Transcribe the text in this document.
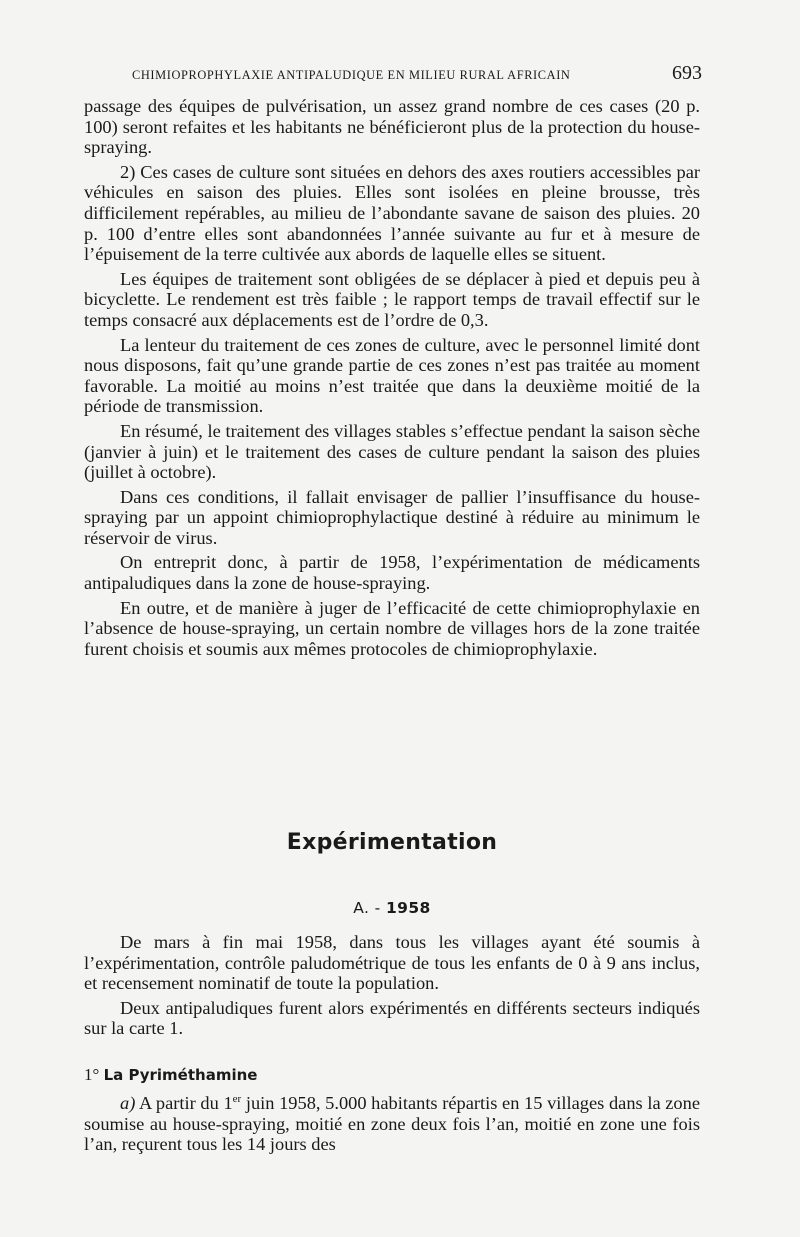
CHIMIOPROPHYLAXIE ANTIPALUDIQUE EN MILIEU RURAL AFRICAIN	693

passage des équipes de pulvérisation, un assez grand nombre de ces cases (20 p. 100) seront refaites et les habitants ne bénéficieront plus de la protection du house-spraying.

2) Ces cases de culture sont situées en dehors des axes routiers accessibles par véhicules en saison des pluies. Elles sont isolées en pleine brousse, très difficilement repérables, au milieu de l’abondante savane de saison des pluies. 20 p. 100 d’entre elles sont abandonnées l’année suivante au fur et à mesure de l’épuisement de la terre cultivée aux abords de laquelle elles se situent.

Les équipes de traitement sont obligées de se déplacer à pied et depuis peu à bicyclette. Le rendement est très faible ; le rapport temps de travail effectif sur le temps consacré aux déplacements est de l’ordre de 0,3.

La lenteur du traitement de ces zones de culture, avec le personnel limité dont nous disposons, fait qu’une grande partie de ces zones n’est pas traitée au moment favorable. La moitié au moins n’est traitée que dans la deuxième moitié de la période de transmission.

En résumé, le traitement des villages stables s’effectue pendant la saison sèche (janvier à juin) et le traitement des cases de culture pendant la saison des pluies (juillet à octobre).

Dans ces conditions, il fallait envisager de pallier l’insuffisance du house-spraying par un appoint chimioprophylactique destiné à réduire au minimum le réservoir de virus.

On entreprit donc, à partir de 1958, l’expérimentation de médicaments antipaludiques dans la zone de house-spraying.

En outre, et de manière à juger de l’efficacité de cette chimioprophylaxie en l’absence de house-spraying, un certain nombre de villages hors de la zone traitée furent choisis et soumis aux mêmes protocoles de chimioprophylaxie.

Expérimentation
A. - 1958

De mars à fin mai 1958, dans tous les villages ayant été soumis à l’expérimentation, contrôle paludométrique de tous les enfants de 0 à 9 ans inclus, et recensement nominatif de toute la population.

Deux antipaludiques furent alors expérimentés en différents secteurs indiqués sur la carte 1.

1° La Pyriméthamine

a) A partir du 1er juin 1958, 5.000 habitants répartis en 15 villages dans la zone soumise au house-spraying, moitié en zone deux fois l’an, moitié en zone une fois l’an, reçurent tous les 14 jours des
